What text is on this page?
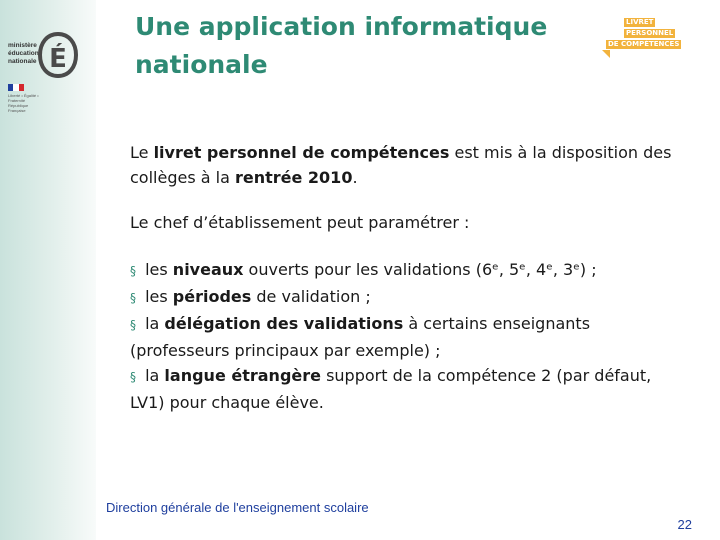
ministère
éducation
nationale É
Liberté • Égalité • Fraternité République Française
Une application informatique nationale
LIVRET
PERSONNEL
DE COMPÉTENCES

Le livret personnel de compétences est mis à la disposition des collèges à la rentrée 2010.

Le chef d’établissement peut paramétrer :

§ les niveaux ouverts pour les validations (6ᵉ, 5ᵉ, 4ᵉ, 3ᵉ) ;

§ les périodes de validation ;

§ la délégation des validations à certains enseignants (professeurs principaux par exemple) ;

§ la langue étrangère support de la compétence 2 (par défaut, LV1) pour chaque élève.

Direction générale de l'enseignement scolaire
22
